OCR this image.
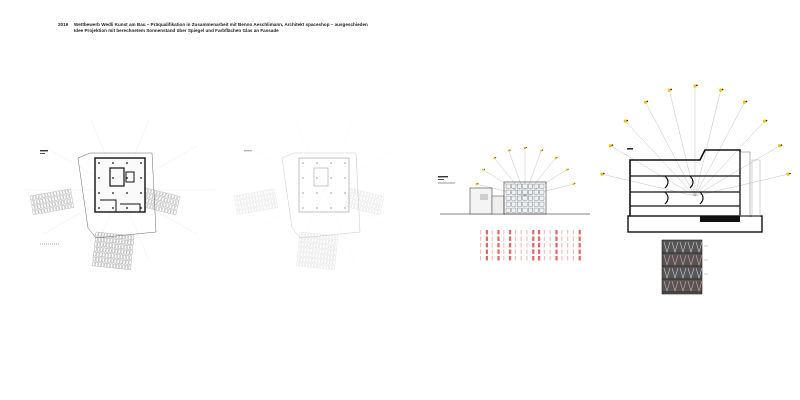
2019 Wettbewerb Wedli Kunst am Bau – Präqualifikation in Zusammenarbeit mit Benno Aeschlimann, Architekt spaceshop – ausgeschieden
Idee Projektion mit berechnetem Sonnenstand über Spiegel und Farbflächen Glas an Fassade
